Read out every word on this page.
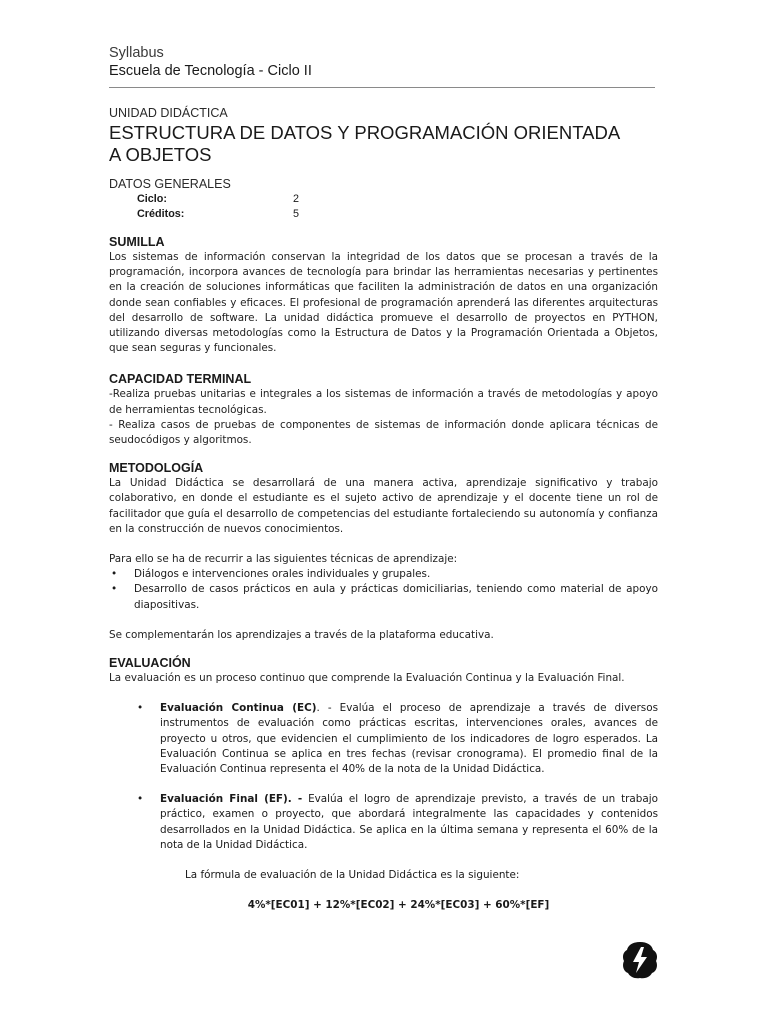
Syllabus
Escuela de Tecnología - Ciclo II
UNIDAD DIDÁCTICA
ESTRUCTURA DE DATOS Y PROGRAMACIÓN ORIENTADA
A OBJETOS
DATOS GENERALES
Ciclo:	2
Créditos:	5
SUMILLA

Los sistemas de información conservan la integridad de los datos que se procesan a través de la programación, incorpora avances de tecnología para brindar las herramientas necesarias y pertinentes en la creación de soluciones informáticas que faciliten la administración de datos en una organización donde sean confiables y eficaces. El profesional de programación aprenderá las diferentes arquitecturas del desarrollo de software. La unidad didáctica promueve el desarrollo de proyectos en PYTHON, utilizando diversas metodologías como la Estructura de Datos y la Programación Orientada a Objetos, que sean seguras y funcionales.

CAPACIDAD TERMINAL

-Realiza pruebas unitarias e integrales a los sistemas de información a través de metodologías y apoyo de herramientas tecnológicas.

- Realiza casos de pruebas de componentes de sistemas de información donde aplicara técnicas de seudocódigos y algoritmos.

METODOLOGÍA

La Unidad Didáctica se desarrollará de una manera activa, aprendizaje significativo y trabajo colaborativo, en donde el estudiante es el sujeto activo de aprendizaje y el docente tiene un rol de facilitador que guía el desarrollo de competencias del estudiante fortaleciendo su autonomía y confianza en la construcción de nuevos conocimientos.

Para ello se ha de recurrir a las siguientes técnicas de aprendizaje:

• Diálogos e intervenciones orales individuales y grupales.
• Desarrollo de casos prácticos en aula y prácticas domiciliarias, teniendo como material de apoyo diapositivas.

Se complementarán los aprendizajes a través de la plataforma educativa.

EVALUACIÓN

La evaluación es un proceso continuo que comprende la Evaluación Continua y la Evaluación Final.

• Evaluación Continua (EC). - Evalúa el proceso de aprendizaje a través de diversos instrumentos de evaluación como prácticas escritas, intervenciones orales, avances de proyecto u otros, que evidencien el cumplimiento de los indicadores de logro esperados. La Evaluación Continua se aplica en tres fechas (revisar cronograma). El promedio final de la Evaluación Continua representa el 40% de la nota de la Unidad Didáctica.
• Evaluación Final (EF). - Evalúa el logro de aprendizaje previsto, a través de un trabajo práctico, examen o proyecto, que abordará integralmente las capacidades y contenidos desarrollados en la Unidad Didáctica. Se aplica en la última semana y representa el 60% de la nota de la Unidad Didáctica.
La fórmula de evaluación de la Unidad Didáctica es la siguiente:
4%*[EC01] + 12%*[EC02] + 24%*[EC03] + 60%*[EF]
